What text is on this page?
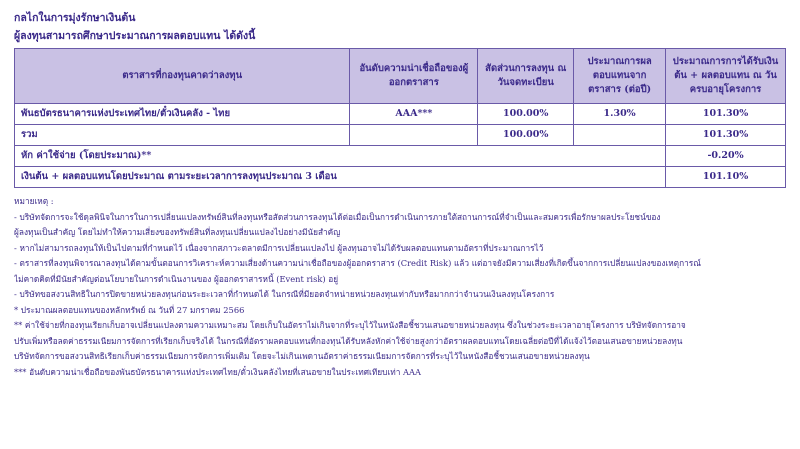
กลไกในการมุ่งรักษาเงินต้น
ผู้ลงทุนสามารถศึกษาประมาณการผลตอบแทน ได้ดังนี้
ตราสารที่กองทุนคาดว่าลงทุน	อันดับความน่าเชื่อถือของผู้ออกตราสาร	สัดส่วนการลงทุน ณ วันจดทะเบียน	ประมาณการผลตอบแทนจากตราสาร (ต่อปี)	ประมาณการการได้รับเงินต้น + ผลตอบแทน ณ วันครบอายุโครงการ
พันธบัตรธนาคารแห่งประเทศไทย/ตั๋วเงินคลัง - ไทย	AAA***	100.00%	1.30%	101.30%
รวม		100.00%		101.30%
หัก ค่าใช้จ่าย (โดยประมาณ)**				-0.20%
เงินต้น + ผลตอบแทนโดยประมาณ ตามระยะเวลาการลงทุนประมาณ 3 เดือน				101.10%
หมายเหตุ :
- บริษัทจัดการจะใช้ดุลพินิจในการในการเปลี่ยนแปลงทรัพย์สินที่ลงทุนหรือสัดส่วนการลงทุนได้ต่อเมื่อเป็นการดำเนินการภายใต้สถานการณ์ที่จำเป็นและสมควรเพื่อรักษาผลประโยชน์ของ
ผู้ลงทุนเป็นสำคัญ โดยไม่ทำให้ความเสี่ยงของทรัพย์สินที่ลงทุนเปลี่ยนแปลงไปอย่างมีนัยสำคัญ
- หากไม่สามารถลงทุนให้เป็นไปตามที่กำหนดไว้ เนื่องจากสภาวะตลาดมีการเปลี่ยนแปลงไป ผู้ลงทุนอาจไม่ได้รับผลตอบแทนตามอัตราที่ประมาณการไว้
- ตราสารที่ลงทุนพิจารณาลงทุนได้ตามขั้นตอนการวิเคราะห์ความเสี่ยงด้านความน่าเชื่อถือของผู้ออกตราสาร (Credit Risk) แล้ว แต่อาจยังมีความเสี่ยงที่เกิดขึ้นจากการเปลี่ยนแปลงของเหตุการณ์
ไม่คาดคิดที่มีนัยสำคัญต่อนโยบายในการดำเนินงานของ ผู้ออกตราสารหนี้ (Event risk) อยู่
- บริษัทขอสงวนสิทธิในการปิดขายหน่วยลงทุนก่อนระยะเวลาที่กำหนดได้ ในกรณีที่มียอดจำหน่ายหน่วยลงทุนเท่ากับหรือมากกว่าจำนวนเงินลงทุนโครงการ
* ประมาณผลตอบแทนของหลักทรัพย์ ณ วันที่ 27 มกราคม 2566
** ค่าใช้จ่ายที่กองทุนเรียกเก็บอาจเปลี่ยนแปลงตามความเหมาะสม โดยเก็บในอัตราไม่เกินจากที่ระบุไว้ในหนังสือชี้ชวนเสนอขายหน่วยลงทุน ซึ่งในช่วงระยะเวลาอายุโครงการ บริษัทจัดการอาจ
ปรับเพิ่มหรือลดค่าธรรมเนียมการจัดการที่เรียกเก็บจริงได้ ในกรณีที่อัตราผลตอบแทนที่กองทุนได้รับหลังหักค่าใช้จ่ายสูงกว่าอัตราผลตอบแทนโดยเฉลี่ยต่อปีที่ได้แจ้งไว้ตอนเสนอขายหน่วยลงทุน
บริษัทจัดการขอสงวนสิทธิเรียกเก็บค่าธรรมเนียมการจัดการเพิ่มเติม โดยจะไม่เกินเพดานอัตราค่าธรรมเนียมการจัดการที่ระบุไว้ในหนังสือชี้ชวนเสนอขายหน่วยลงทุน
*** อันดับความน่าเชื่อถือของพันธบัตรธนาคารแห่งประเทศไทย/ตั๋วเงินคลังไทยที่เสนอขายในประเทศเทียบเท่า AAA
